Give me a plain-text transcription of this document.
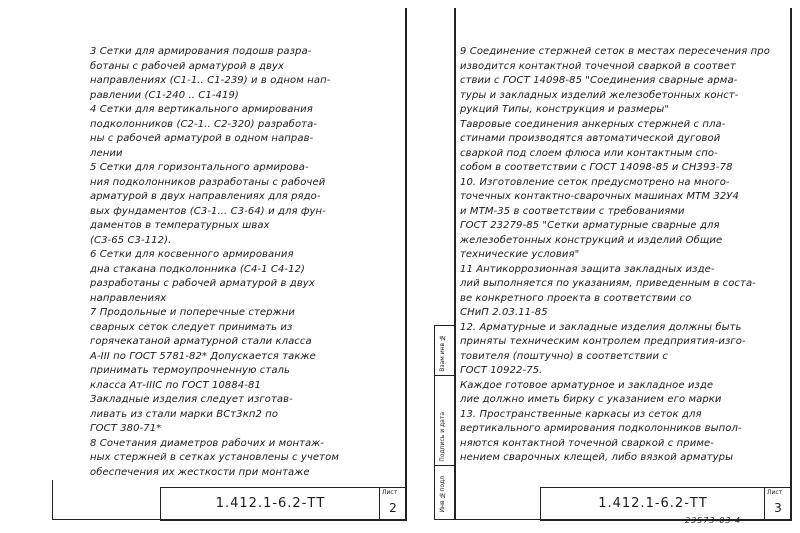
3 Сетки для армирования подошв разра-
ботаны с рабочей арматурой в двух
направлениях (С1-1.. С1-239) и в одном нап-
равлении (С1-240 .. С1-419)
4 Сетки для вертикального армирования
подколонников (С2-1.. С2-320) разработа-
ны с рабочей арматурой в одном направ-
лении
5 Сетки для горизонтального армирова-
ния подколонников разработаны с рабочей
арматурой в двух направлениях для рядо-
вых фундаментов (С3-1... С3-64) и для фун-
даментов в температурных швах
(С3-65 С3-112).
6 Сетки для косвенного армирования
дна стакана подколонника (С4-1 С4-12)
разработаны с рабочей арматурой в двух
направлениях
7 Продольные и поперечные стержни
сварных сеток следует принимать из
горячекатаной арматурной стали класса
А-III по ГОСТ 5781-82* Допускается также
принимать термоупрочненную сталь
класса Ат-IIIС по ГОСТ 10884-81
Закладные изделия следует изготав-
ливать из стали марки ВСт3кп2 по
ГОСТ 380-71*
8 Сочетания диаметров рабочих и монтаж-
ных стержней в сетках установлены с учетом
обеспечения их жесткости при монтаже
1.412.1-6.2-ТТ
Лист
2	Инв №подл
Подпись и дата
Взам инв №
9 Соединение стержней сеток в местах пересечения про
изводится контактной точечной сваркой в соответ
ствии с ГОСТ 14098-85 "Соединения сварные арма-
туры и закладных изделий железобетонных конст-
рукций Типы, конструкция и размеры"
Тавровые соединения анкерных стержней с пла-
стинами производятся автоматической дуговой
сваркой под слоем флюса или контактным спо-
собом в соответствии с ГОСТ 14098-85 и СН393-78
10. Изготовление сеток предусмотрено на много-
точечных контактно-сварочных машинах МТМ 32У4
и МТМ-35 в соответствии с требованиями
ГОСТ 23279-85 "Сетки арматурные сварные для
железобетонных конструкций и изделий Общие
технические условия"
11 Антикоррозионная защита закладных изде-
лий выполняется по указаниям, приведенным в соста-
ве конкретного проекта в соответствии со
СНиП 2.03.11-85
12. Арматурные и закладные изделия должны быть
приняты техническим контролем предприятия-изго-
товителя (поштучно) в соответствии с
ГОСТ 10922-75.
Каждое готовое арматурное и закладное изде
лие должно иметь бирку с указанием его марки
13. Пространственные каркасы из сеток для
вертикального армирования подколонников выпол-
няются контактной точечной сваркой с приме-
нением сварочных клещей, либо вязкой арматуры
1.412.1-6.2-ТТ
Лист
3
23573-03 4
